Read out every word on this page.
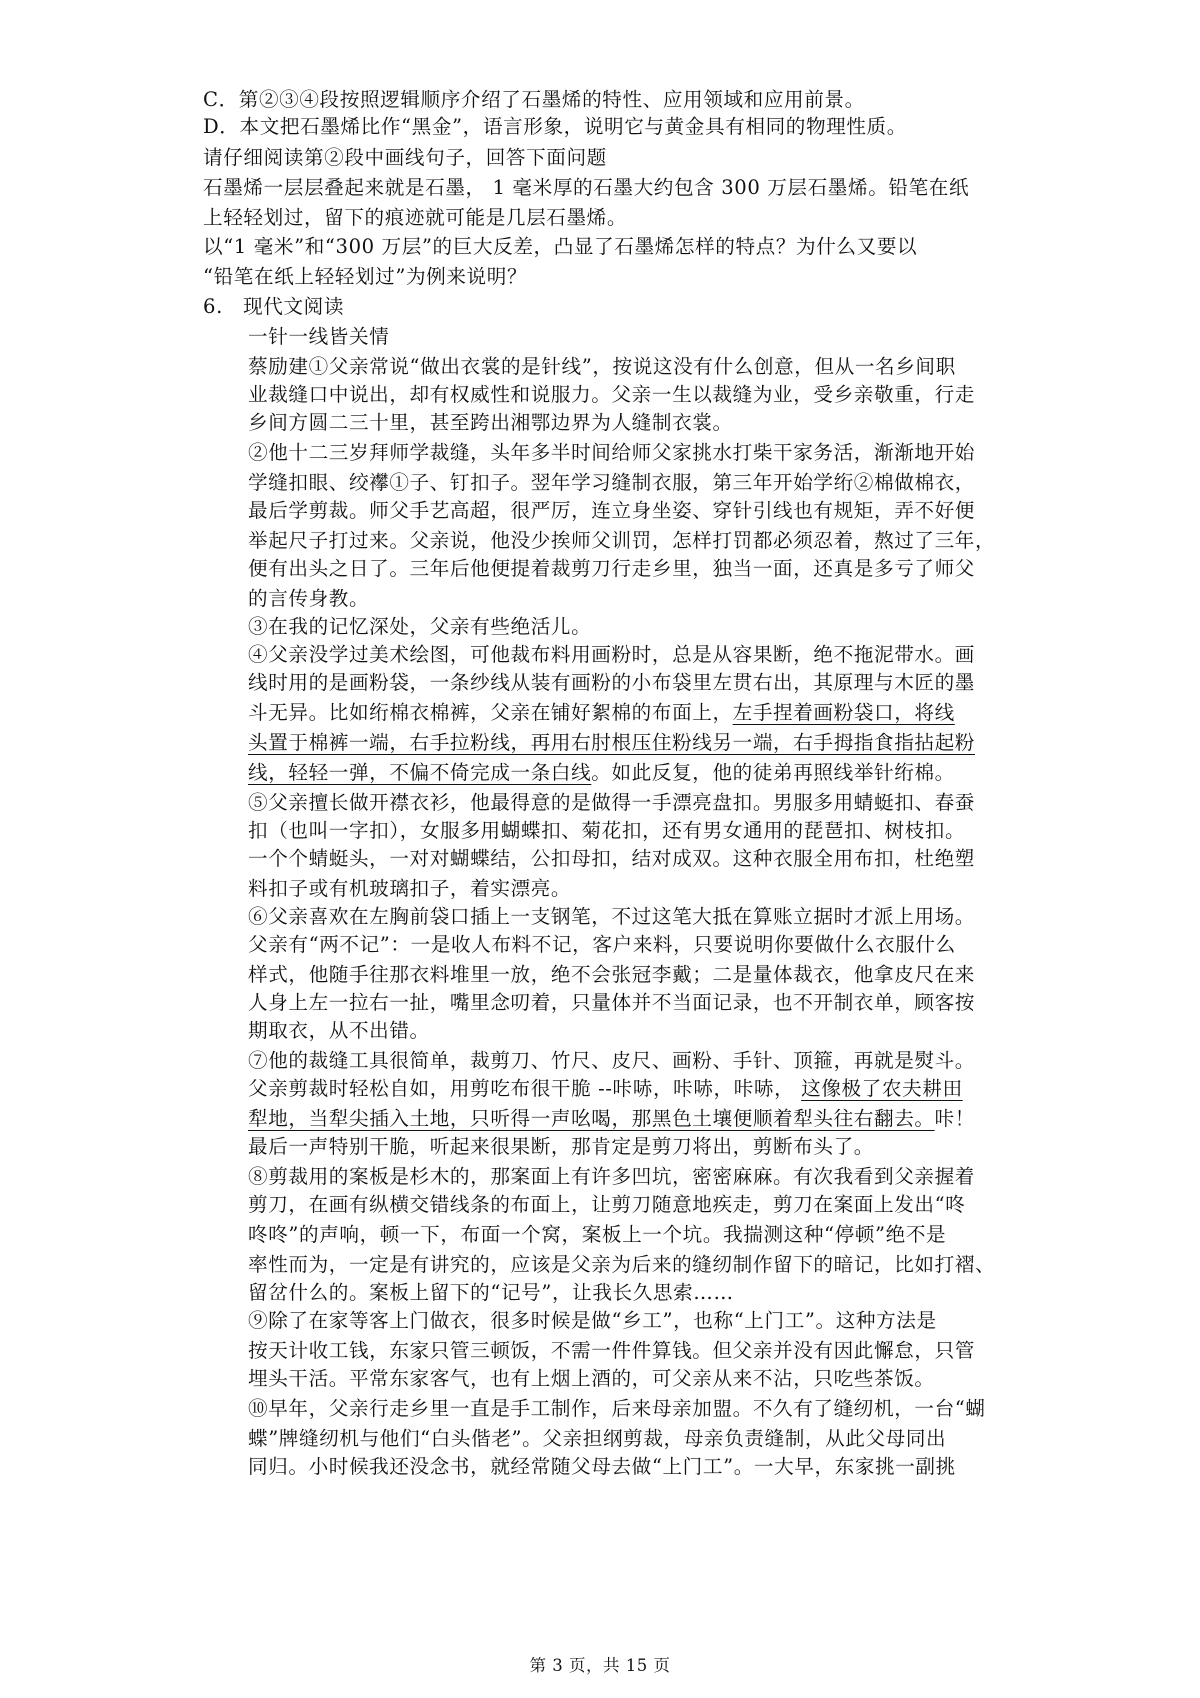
C．第②③④段按照逻辑顺序介绍了石墨烯的特性、应用领域和应用前景。
D．本文把石墨烯比作“黑金”，语言形象，说明它与黄金具有相同的物理性质。
请仔细阅读第②段中画线句子，回答下面问题
石墨烯一层层叠起来就是石墨， 1 毫米厚的石墨大约包含 300 万层石墨烯。铅笔在纸
上轻轻划过，留下的痕迹就可能是几层石墨烯。
以“1 毫米”和“300 万层”的巨大反差，凸显了石墨烯怎样的特点？为什么又要以
“铅笔在纸上轻轻划过”为例来说明？
6.　现代文阅读
一针一线皆关情
蔡励建①父亲常说“做出衣裳的是针线”，按说这没有什么创意，但从一名乡间职
业裁缝口中说出，却有权威性和说服力。父亲一生以裁缝为业，受乡亲敬重，行走
乡间方圆二三十里，甚至跨出湘鄂边界为人缝制衣裳。
②他十二三岁拜师学裁缝，头年多半时间给师父家挑水打柴干家务活，渐渐地开始
学缝扣眼、绞襻①子、钉扣子。翌年学习缝制衣服，第三年开始学绗②棉做棉衣，
最后学剪裁。师父手艺高超，很严厉，连立身坐姿、穿针引线也有规矩，弄不好便
举起尺子打过来。父亲说，他没少挨师父训罚，怎样打罚都必须忍着，熬过了三年，
便有出头之日了。三年后他便提着裁剪刀行走乡里，独当一面，还真是多亏了师父
的言传身教。
③在我的记忆深处，父亲有些绝活儿。
④父亲没学过美术绘图，可他裁布料用画粉时，总是从容果断，绝不拖泥带水。画
线时用的是画粉袋，一条纱线从装有画粉的小布袋里左贯右出，其原理与木匠的墨
斗无异。比如绗棉衣棉裤，父亲在铺好絮棉的布面上，左手捏着画粉袋口，将线
头置于棉裤一端，右手拉粉线，再用右肘根压住粉线另一端，右手拇指食指拈起粉
线，轻轻一弹，不偏不倚完成一条白线。如此反复，他的徒弟再照线举针绗棉。
⑤父亲擅长做开襟衣衫，他最得意的是做得一手漂亮盘扣。男服多用蜻蜓扣、春蚕
扣（也叫一字扣），女服多用蝴蝶扣、菊花扣，还有男女通用的琵琶扣、树枝扣。
一个个蜻蜓头，一对对蝴蝶结，公扣母扣，结对成双。这种衣服全用布扣，杜绝塑
料扣子或有机玻璃扣子，着实漂亮。
⑥父亲喜欢在左胸前袋口插上一支钢笔，不过这笔大抵在算账立据时才派上用场。
父亲有“两不记”：一是收人布料不记，客户来料，只要说明你要做什么衣服什么
样式，他随手往那衣料堆里一放，绝不会张冠李戴；二是量体裁衣，他拿皮尺在来
人身上左一拉右一扯，嘴里念叨着，只量体并不当面记录，也不开制衣单，顾客按
期取衣，从不出错。
⑦他的裁缝工具很简单，裁剪刀、竹尺、皮尺、画粉、手针、顶箍，再就是熨斗。
父亲剪裁时轻松自如，用剪吃布很干脆 --咔哧，咔哧，咔哧， 这像极了农夫耕田
犁地，当犁尖插入土地，只听得一声吆喝，那黑色土壤便顺着犁头往右翻去。咔！
最后一声特别干脆，听起来很果断，那肯定是剪刀将出，剪断布头了。
⑧剪裁用的案板是杉木的，那案面上有许多凹坑，密密麻麻。有次我看到父亲握着
剪刀，在画有纵横交错线条的布面上，让剪刀随意地疾走，剪刀在案面上发出“咚
咚咚”的声响，顿一下，布面一个窝，案板上一个坑。我揣测这种“停顿”绝不是
率性而为，一定是有讲究的，应该是父亲为后来的缝纫制作留下的暗记，比如打褶、
留岔什么的。案板上留下的“记号”，让我长久思索……
⑨除了在家等客上门做衣，很多时候是做“乡工”，也称“上门工”。这种方法是
按天计收工钱，东家只管三顿饭，不需一件件算钱。但父亲并没有因此懈怠，只管
埋头干活。平常东家客气，也有上烟上酒的，可父亲从来不沾，只吃些茶饭。
⑩早年，父亲行走乡里一直是手工制作，后来母亲加盟。不久有了缝纫机，一台“蝴
蝶”牌缝纫机与他们“白头偕老”。父亲担纲剪裁，母亲负责缝制，从此父母同出
同归。小时候我还没念书，就经常随父母去做“上门工”。一大早，东家挑一副挑
第 3 页，共 15 页
